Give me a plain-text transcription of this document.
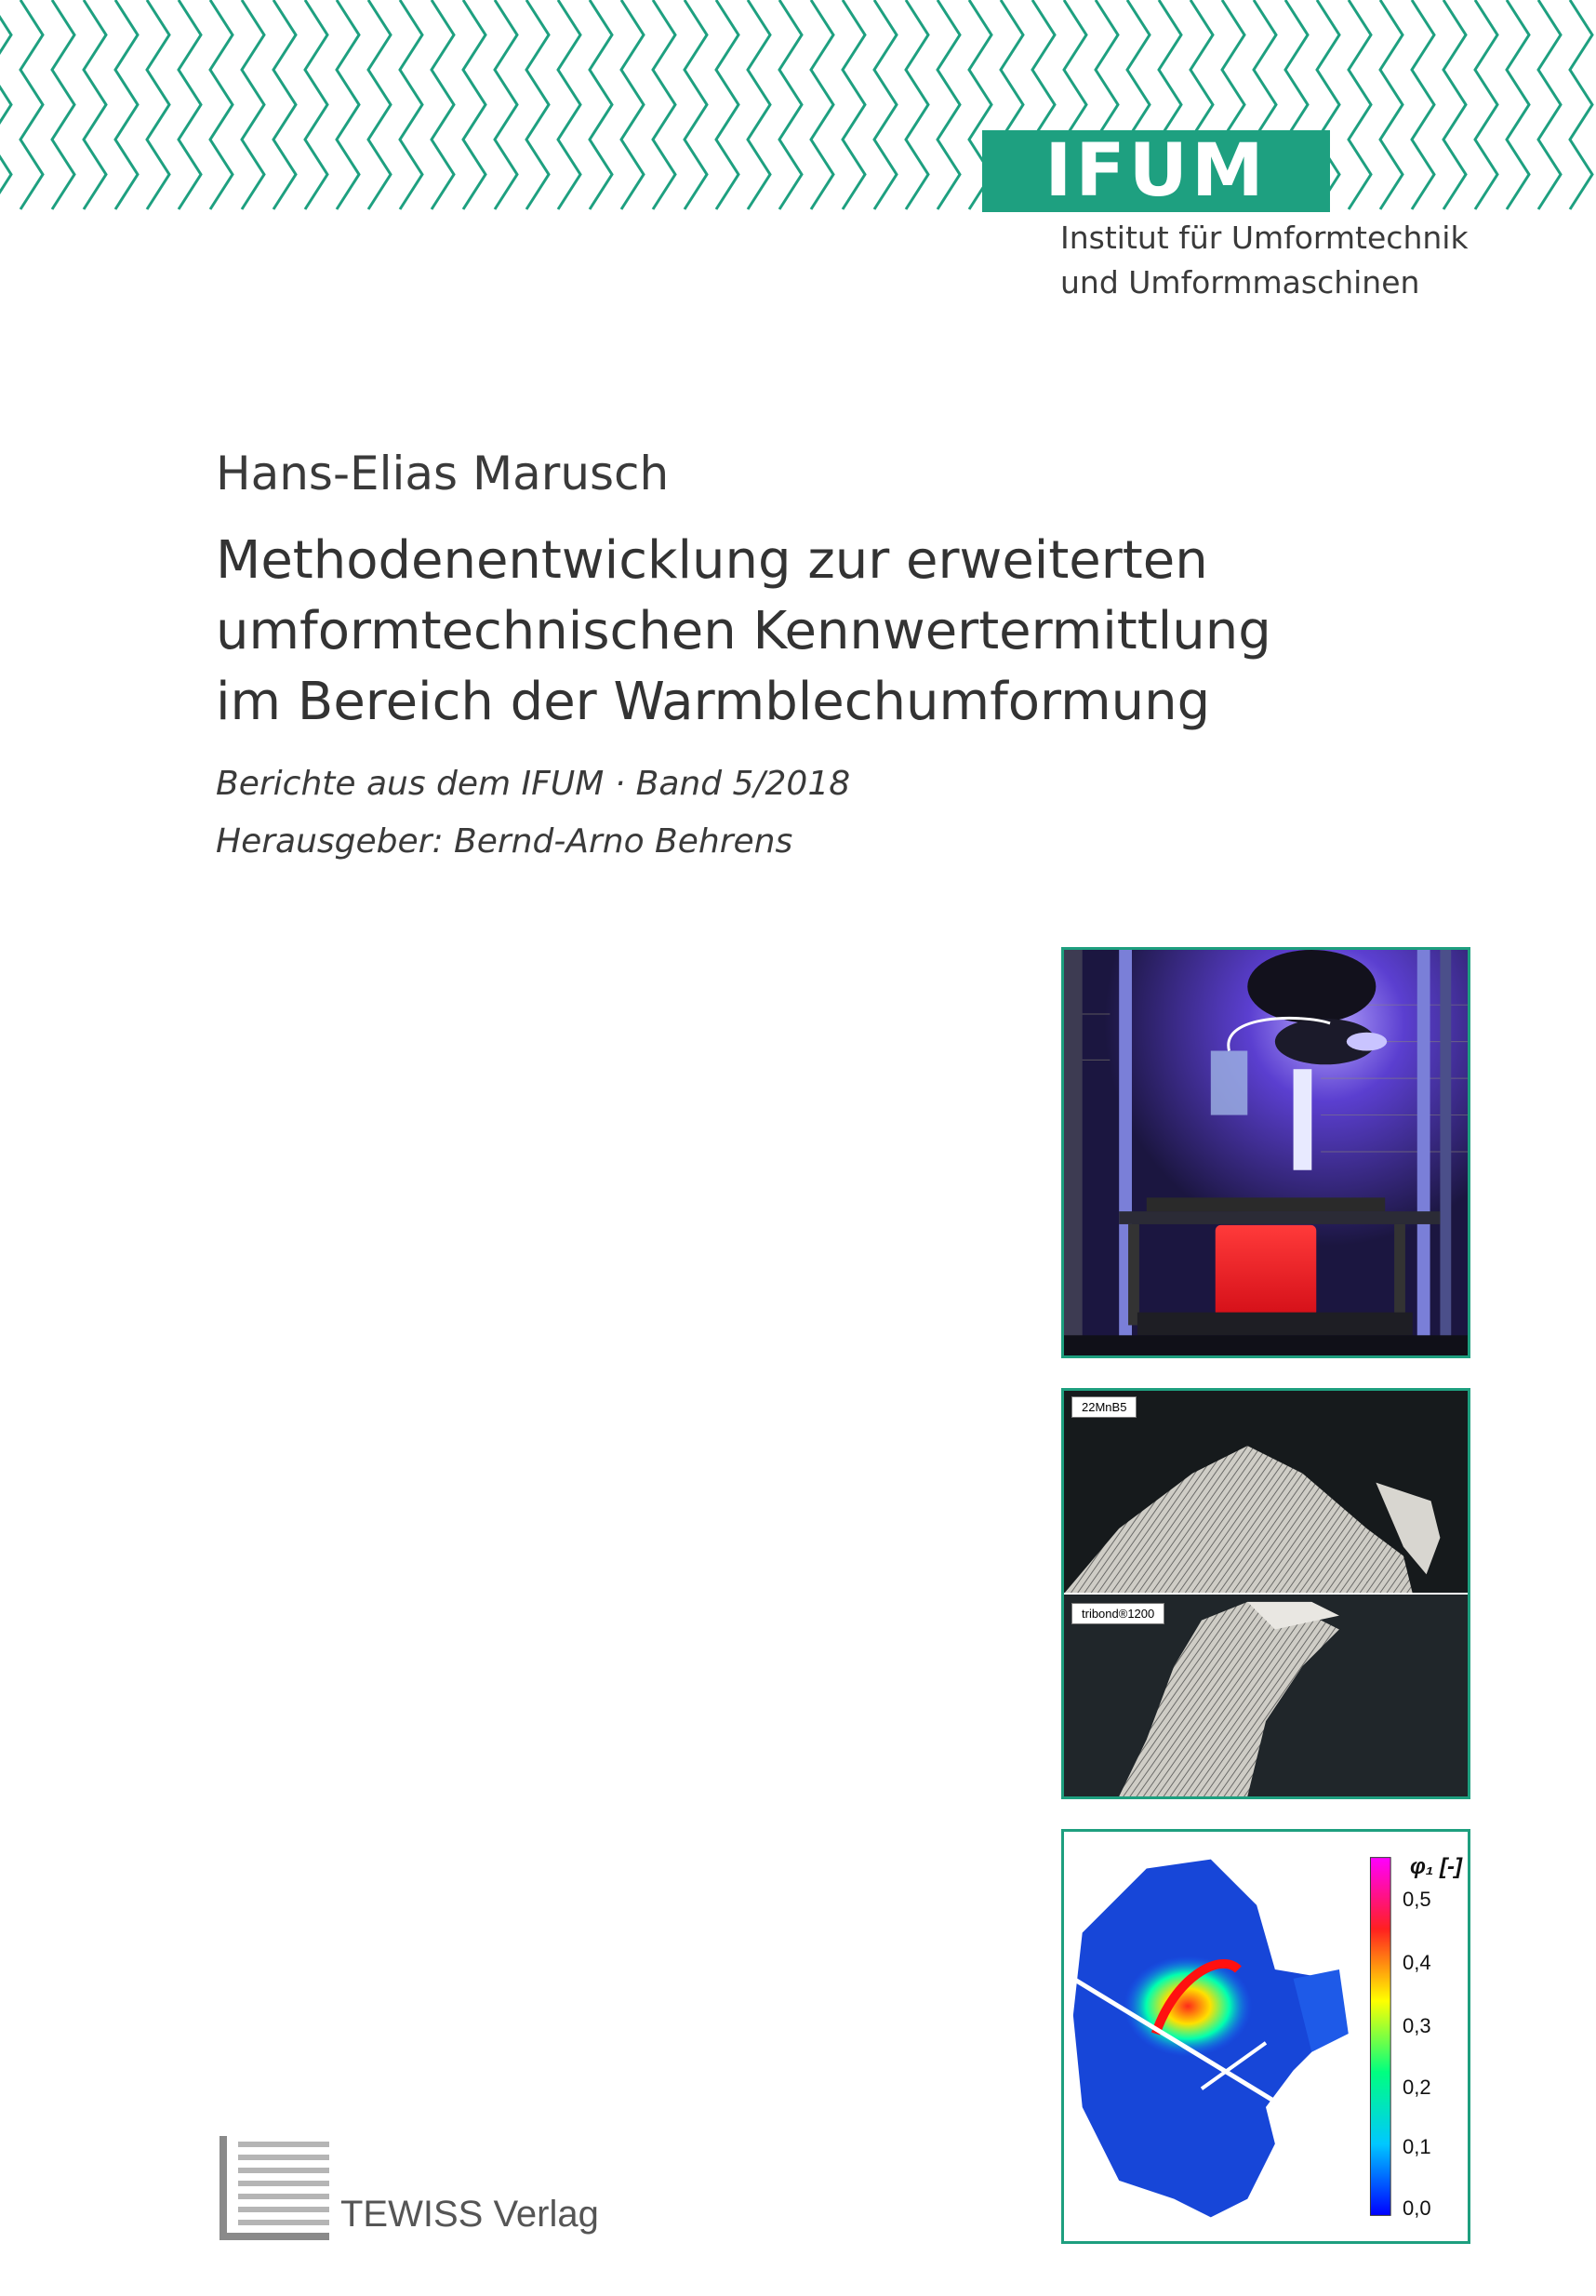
IFUM
Institut für Umformtechnik
und Umformmaschinen
Hans-Elias Marusch
Methodenentwicklung zur erweiterten
umformtechnischen Kennwertermittlung
im Bereich der Warmblechumformung
Berichte aus dem IFUM · Band 5/2018
Herausgeber: Bernd-Arno Behrens
22MnB5
tribond®1200
φ₁ [-]
0,5
0,4
0,3
0,2
0,1
0,0
TEWISS Verlag
